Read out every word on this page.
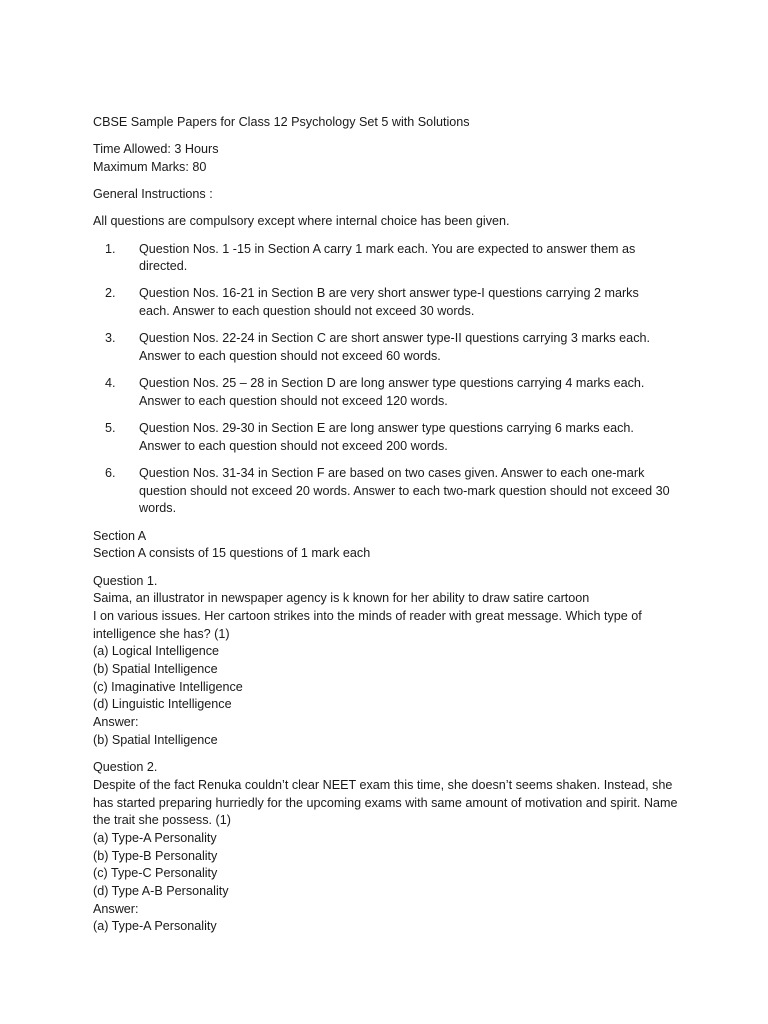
CBSE Sample Papers for Class 12 Psychology Set 5 with Solutions

Time Allowed: 3 Hours

Maximum Marks: 80

General Instructions :

All questions are compulsory except where internal choice has been given.

1.	Question Nos. 1 -15 in Section A carry 1 mark each. You are expected to answer them as directed.
2.	Question Nos. 16-21 in Section B are very short answer type-I questions carrying 2 marks each. Answer to each question should not exceed 30 words.
3.	Question Nos. 22-24 in Section C are short answer type-II questions carrying 3 marks each. Answer to each question should not exceed 60 words.
4.	Question Nos. 25 – 28 in Section D are long answer type questions carrying 4 marks each. Answer to each question should not exceed 120 words.
5.	Question Nos. 29-30 in Section E are long answer type questions carrying 6 marks each. Answer to each question should not exceed 200 words.
6.	Question Nos. 31-34 in Section F are based on two cases given. Answer to each one-mark question should not exceed 20 words. Answer to each two-mark question should not exceed 30 words.

Section A

Section A consists of 15 questions of 1 mark each

Question 1.

Saima, an illustrator in newspaper agency is k known for her ability to draw satire cartoon

I on various issues. Her cartoon strikes into the minds of reader with great message. Which type of intelligence she has? (1)

(a) Logical Intelligence

(b) Spatial Intelligence

(c) Imaginative Intelligence

(d) Linguistic Intelligence

Answer:

(b) Spatial Intelligence

Question 2.

Despite of the fact Renuka couldn’t clear NEET exam this time, she doesn’t seems shaken. Instead, she has started preparing hurriedly for the upcoming exams with same amount of motivation and spirit. Name the trait she possess. (1)

(a) Type-A Personality

(b) Type-B Personality

(c) Type-C Personality

(d) Type A-B Personality

Answer:

(a) Type-A Personality
